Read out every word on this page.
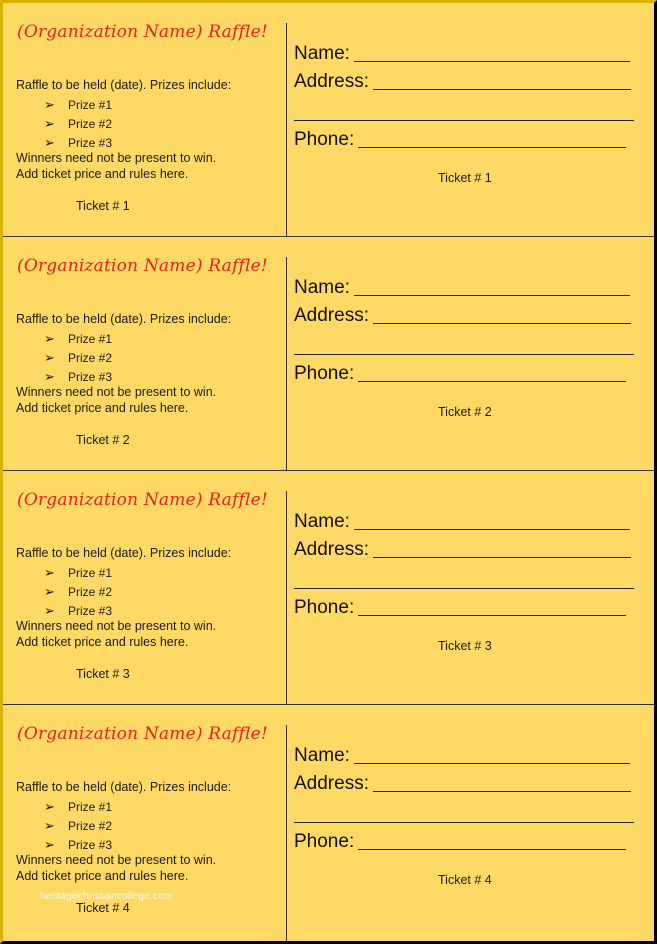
(Organization Name) Raffle!
Raffle to be held (date). Prizes include:
➢ Prize #1
➢ Prize #2
➢ Prize #3
Winners need not be present to win.
Add ticket price and rules here.
Ticket # 1
Name:
Address:
Phone:
Ticket # 1
(Organization Name) Raffle!
Raffle to be held (date). Prizes include:
➢ Prize #1
➢ Prize #2
➢ Prize #3
Winners need not be present to win.
Add ticket price and rules here.
Ticket # 2
Name:
Address:
Phone:
Ticket # 2
(Organization Name) Raffle!
Raffle to be held (date). Prizes include:
➢ Prize #1
➢ Prize #2
➢ Prize #3
Winners need not be present to win.
Add ticket price and rules here.
Ticket # 3
Name:
Address:
Phone:
Ticket # 3
(Organization Name) Raffle!
Raffle to be held (date). Prizes include:
➢ Prize #1
➢ Prize #2
➢ Prize #3
Winners need not be present to win.
Add ticket price and rules here.
Ticket # 4
Name:
Address:
Phone:
Ticket # 4
heritagechristiancollege.com
